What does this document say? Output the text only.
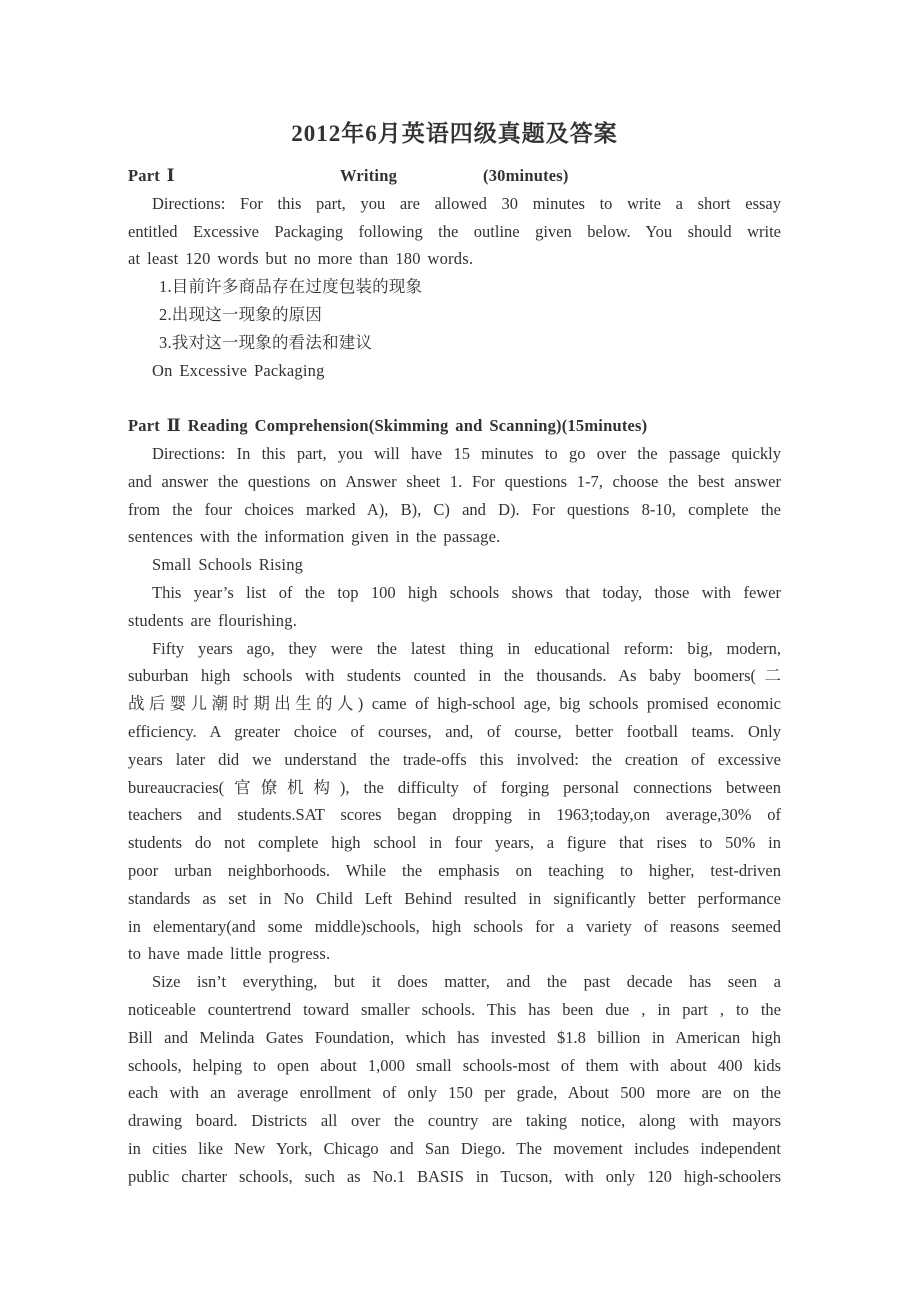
2012年6月英语四级真题及答案
Part Ⅰ	Writing	(30minutes)
Directions: For this part, you are allowed 30 minutes to write a short essay
entitled Excessive Packaging following the outline given below. You should write
at least 120 words but no more than 180 words.
1.目前许多商品存在过度包装的现象
2.出现这一现象的原因
3.我对这一现象的看法和建议
On Excessive Packaging
Part Ⅱ Reading Comprehension(Skimming and Scanning)(15minutes)
Directions: In this part, you will have 15 minutes to go over the passage quickly
and answer the questions on Answer sheet 1. For questions 1-7, choose the best answer
from the four choices marked A), B), C) and D). For questions 8-10, complete the
sentences with the information given in the passage.
Small Schools Rising
This year’s list of the top 100 high schools shows that today, those with fewer
students are flourishing.
Fifty years ago, they were the latest thing in educational reform: big, modern,
suburban high schools with students counted in the thousands. As baby boomers(二
战后婴儿潮时期出生的人) came of high-school age, big schools promised economic
efficiency. A greater choice of courses, and, of course, better football teams. Only
years later did we understand the trade-offs this involved: the creation of excessive
bureaucracies(官僚机构), the difficulty of forging personal connections between
teachers and students.SAT scores began dropping in 1963;today,on average,30% of
students do not complete high school in four years, a figure that rises to 50% in
poor urban neighborhoods. While the emphasis on teaching to higher, test-driven
standards as set in No Child Left Behind resulted in significantly better performance
in elementary(and some middle)schools, high schools for a variety of reasons seemed
to have made little progress.
Size isn’t everything, but it does matter, and the past decade has seen a
noticeable countertrend toward smaller schools. This has been due , in part , to the
Bill and Melinda Gates Foundation, which has invested $1.8 billion in American high
schools, helping to open about 1,000 small schools-most of them with about 400 kids
each with an average enrollment of only 150 per grade, About 500 more are on the
drawing board. Districts all over the country are taking notice, along with mayors
in cities like New York, Chicago and San Diego. The movement includes independent
public charter schools, such as No.1 BASIS in Tucson, with only 120 high-schoolers
